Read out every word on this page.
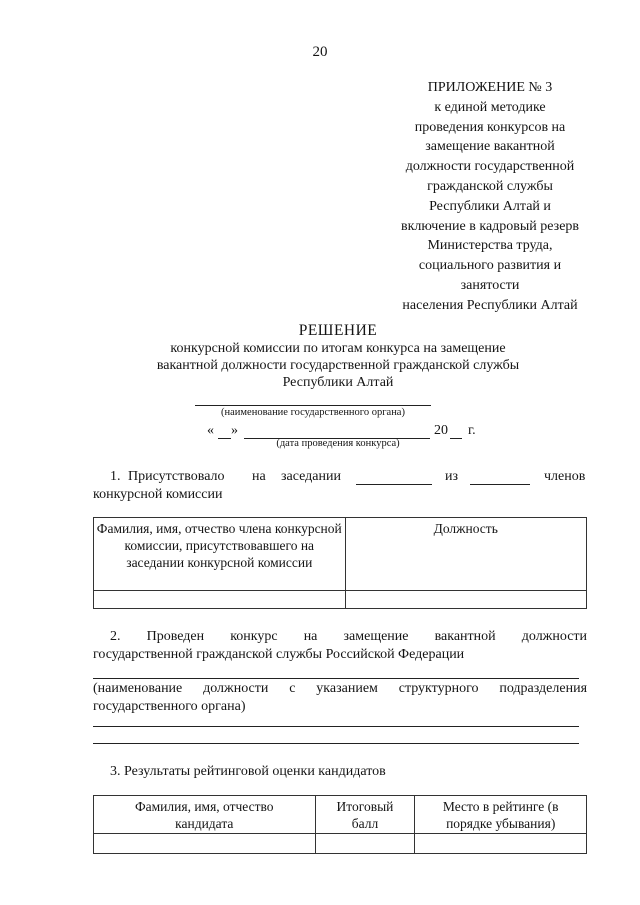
20
ПРИЛОЖЕНИЕ № 3
к единой методике
проведения конкурсов на
замещение вакантной
должности государственной
гражданской службы
Республики Алтай и
включение в кадровый резерв
Министерства труда,
социального развития и
занятости
населения Республики Алтай
РЕШЕНИЕ
конкурсной комиссии по итогам конкурса на замещение
вакантной должности государственной гражданской службы
Республики Алтай
(наименование государственного органа)
« »	20 г.
(дата проведения конкурса)
1. Присутствовало на заседании	из	членов
конкурсной комиссии
Фамилия, имя, отчество члена конкурсной комиссии, присутствовавшего на заседании конкурсной комиссии	Должность

2. Проведен конкурс на замещение вакантной должности
государственной гражданской службы Российской Федерации
(наименование должности с указанием структурного подразделения
государственного органа)
3. Результаты рейтинговой оценки кандидатов
Фамилия, имя, отчество кандидата	Итоговый балл	Место в рейтинге (в порядке убывания)
